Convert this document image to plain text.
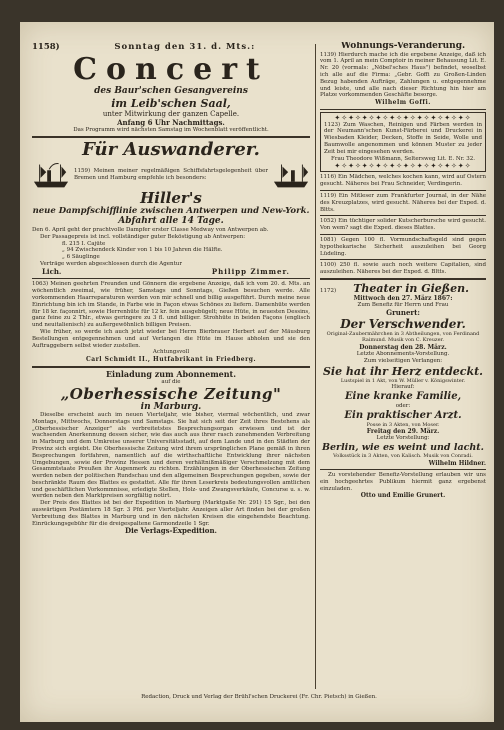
1158)	Sonntag den 31. d. Mts.:
Concert
des Baur'schen Gesangvereins
im Leib'schen Saal,
unter Mitwirkung der ganzen Capelle.
Anfang 6 Uhr Nachmittags.
Das Programm wird nächsten Samstag im Wochenblatt veröffentlicht.
Für Auswanderer.
1159) Meinen meiner regelmäßigen Schiffsfahrtsgelegenheit über Bremen und Hamburg empfehle ich besonders:
Hiller's
neue Dampfschifflinie zwischen Antwerpen und New-York.
Abfahrt alle 14 Tage.
Den 6. April geht der prachtvolle Dampfer erster Classe Medway von Antwerpen ab.
Der Passagepreis ist incl. vollständiger guter Beköstigung ab Antwerpen:
fl. 215 I. Cajüte
„ 94 Zwischendeck Kinder von 1 bis 10 Jahren die Hälfte.
„ 6 Säuglinge
Verträge werden abgeschlossen durch die Agentur
Lich.	Philipp Zimmer.
1063) Meinen geehrten Freunden und Gönnern die ergebene Anzeige, daß ich vom 20. d. Mts. an wöchentlich zweimal, wie früher, Samstags und Sonntags, Gießen besuchen werde. Alle vorkommenden Haarreparaturen werden von mir schnell und billig ausgeführt. Durch meine neue Einrichtung bin ich im Stande, in Farbe wie in Façon etwas Schönes zu liefern. Damenhüte werden für 18 kr. façonnirt, sowie Herrenhüte für 12 kr. fein ausgebügelt; neue Hüte, in neuesten Dessins, ganz feine zu 2 Thlr., etwas geringere zu 3 fl. und billiger. Strohhüte in beiden Façons (englisch und neuitalienisch) zu außergewöhnlich billigen Preisen.
Wie früher, so werde ich auch jetzt wieder bei Herrn Bierbrauer Herbert auf der Mäusburg Bestellungen entgegennehmen und auf Verlangen die Hüte im Hause abholen und sie den Auftraggebern selbst wieder zustellen.
Achtungsvoll
Carl Schmidt II., Hutfabrikant in Friedberg.
Einladung zum Abonnement.
auf die
„Oberhessische Zeitung"
in Marburg.
Dieselbe erscheint auch im neuen Vierteljahr, wie bisher, viermal wöchentlich, und zwar Montags, Mittwochs, Donnerstags und Samstags. Sie hat sich seit der Zeit ihres Bestehens als „Oberhessischer Anzeiger" als verbreitetstes Besprechungsorgan erwiesen und ist der wachsenden Anerkennung dessen sicher, wie das auch aus ihrer rasch zunehmenden Verbreitung in Marburg und dem Umkreise unserer Universitätsstadt, auf dem Lande und in den Städten der Provinz sich ergiebt. Die Oberhessische Zeitung wird ihrem ursprünglichen Plane gemäß in ihren Besprechungen fortfahren, namentlich auf die wirthschaftliche Entwicklung ihrer nächsten Umgebungen, sowie der Provinz Hessen und deren verhältnißmäßiger Verschmelzung mit dem Gesammtstaate Preußen ihr Augenmerk zu richten. Erzählungen in der Oberhessischen Zeitung werden neben der politischen Rundschau und den allgemeinen Besprechungen gegeben, sowie der beschränkte Raum des Blattes es gestattet. Alle für ihren Leserkreis bedeutungsvollen amtlichen und geschäftlichen Vorkommnisse, erledigte Stellen, Holz- und Zwangsverkäufe, Concurse u. s. w. werden neben den Marktpreisen sorgfältig notirt.
Der Preis des Blattes ist bei der Expedition in Marburg (Marktgaße Nr. 291) 15 Sgr., bei den auswärtigen Postämtern 18 Sgr. 3 Pfd. per Vierteljahr. Anzeigen aller Art finden bei der großen Verbreitung des Blattes in Marburg und in den nächsten Kreisen die eingehendste Beachtung. Einrückungsgebühr für die dreigespaltene Garmondzeile 1 Sgr.
Die Verlags-Expedition.
Wohnungs-Veränderung.
1139) Hierdurch mache ich die ergebene Anzeige, daß ich vom 1. April an mein Comptoir in meiner Behausung Lit. E. Nr. 20 (vormals: „Nöbel'sches Haus") befindet, woselbst ich alle auf die Firma: „Gebr. Goffi zu Großen-Linden Bezug habenden Aufträge, Zahlungen u. entgegennehme und leiste, und alle nach dieser Richtung hin hier am Platze vorkommenden Geschäfte besorge.
Wilhelm Goffi.
✦✧✦✧✦✧✦✧✦✧✦✧✦✧✦✧✦✧✦✧
1123) Zum Waschen, Reinigen und Färben werden in der Neumann'schen Kunst-Färberei und Druckerei in Wiesbaden Kleider, Decken, Stoffe in Seide, Wolle und Baumwolle angenommen und können Muster zu jeder Zeit bei mir eingesehen werden.
Frau Theodore Wißmann, Seltersweg Lit. E. Nr. 32.
✦✧✦✧✦✧✦✧✦✧✦✧✦✧✦✧✦✧✦✧
1116) Ein Mädchen, welches kochen kann, wird auf Ostern gesucht. Näheres bei Frau Schneider, Verdingerin.
1119) Ein Mitleser zum Frankfurter Journal, in der Nähe des Kreuzplatzes, wird gesucht. Näheres bei der Exped. d. Bltts.
1052) Ein tüchtiger solider Kutscherbursche wird gesucht. Von wem? sagt die Exped. dieses Blattes.
1081) Gegen 100 fl. Vormundschaftsgeld sind gegen hypothekarische Sicherheit auszuleihen bei Georg Lüdeling.
1100) 250 fl. sowie auch noch weitere Capitalien, sind auszuleihen. Näheres bei der Exped. d. Bltts.
1172)	Theater in Gießen.
Mittwoch den 27. März 1867:
Zum Benefiz für Herrn und Frau
Grunert:
Der Verschwender.
Original-Zaubermährchen in 3 Abtheilungen, von Ferdinand Raimund. Musik von C. Kreuzer.
Donnerstag den 28. März.
Letzte Abonnements-Vorstellung.
Zum vielseitigen Verlangen:
Sie hat ihr Herz entdeckt.
Lustspiel in 1 Akt, von W. Müller v. Königswinter.
Hierauf:
Eine kranke Familie,
oder:
Ein praktischer Arzt.
Posse in 3 Akten, von Moser.
Freitag den 29. März.
Letzte Vorstellung:
Berlin, wie es weint und lacht.
Volksstück in 3 Akten, von Kalisch. Musik von Conradi.
Wilhelm Hildner.
Zu vorstehender Benefiz-Vorstellung erlauben wir uns ein hochgeehrtes Publikum hiermit ganz ergebenst einzuladen.
Otto und Emilie Grunert.
Redaction, Druck und Verlag der Brühl'schen Druckerei (Fr. Chr. Pietsch) in Gießen.
